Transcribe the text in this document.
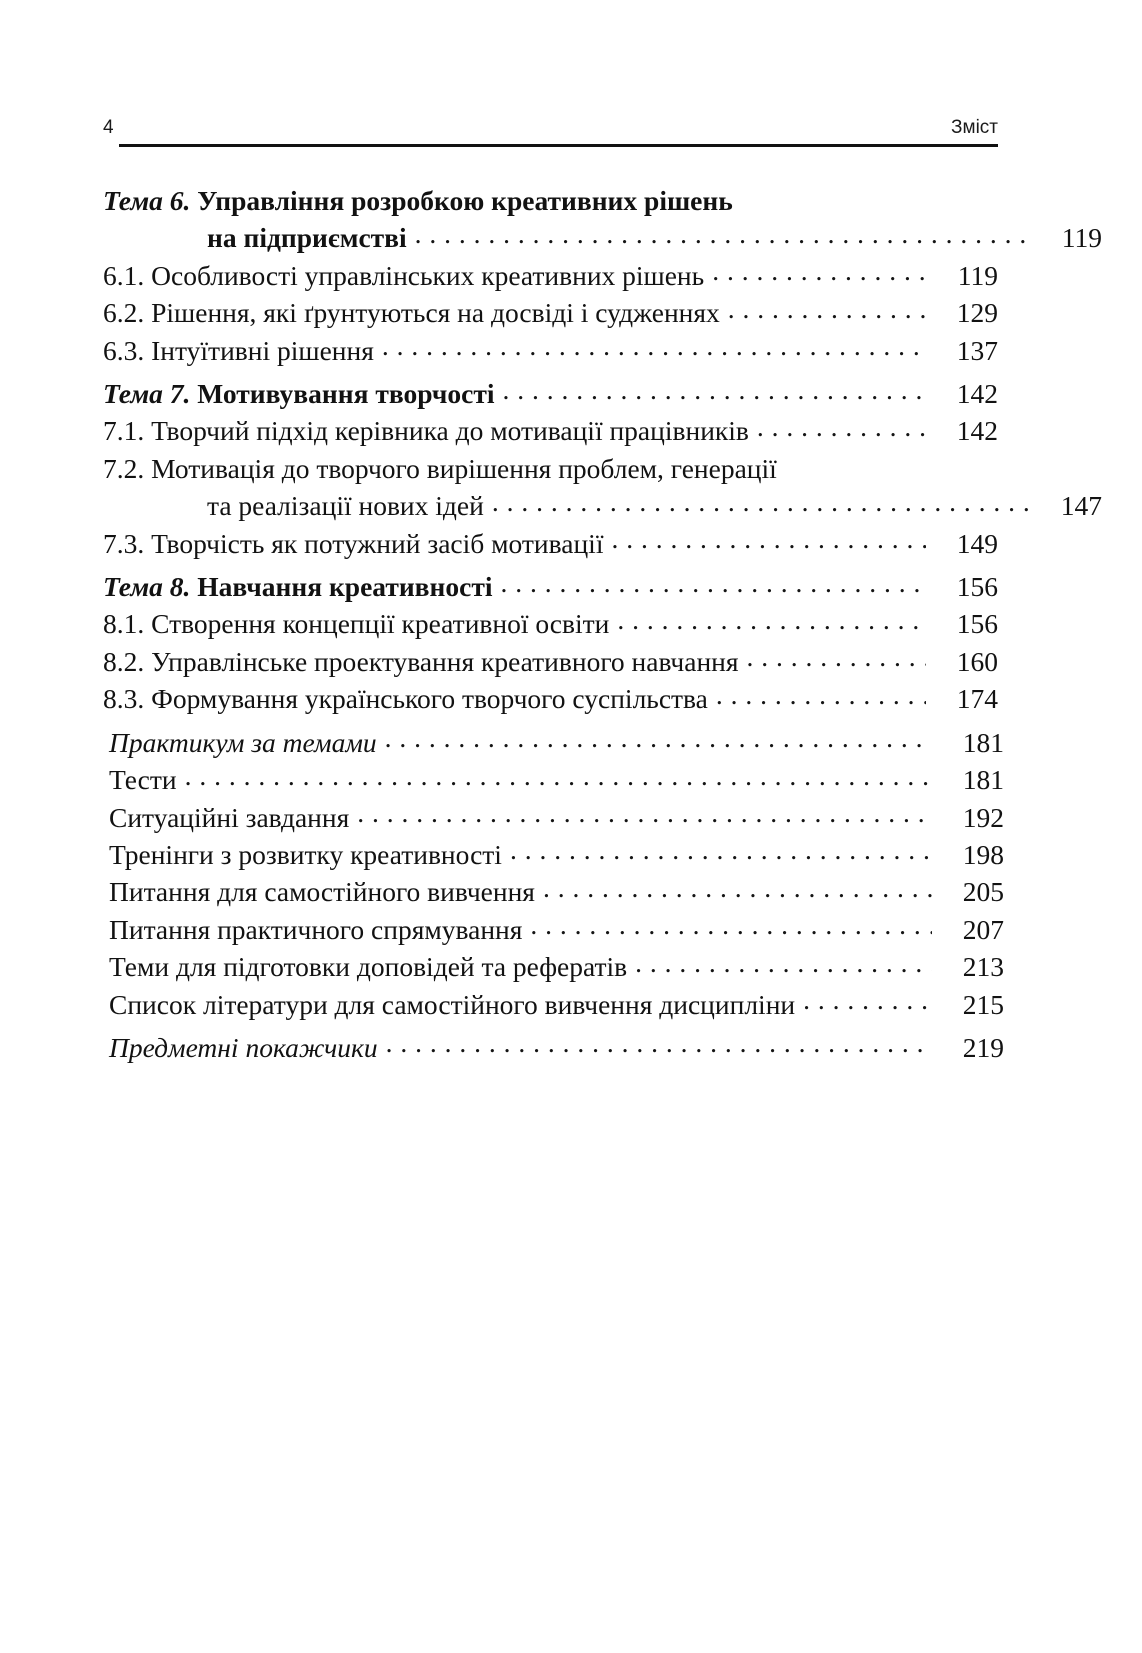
4	Зміст
Тема 6. Управління розробкою креативних рішень
на підприємстві . . .	119
6.1. Особливості управлінських креативних рішень . . .	119
6.2. Рішення, які ґрунтуються на досвіді і судженнях . . .	129
6.3. Інтуїтивні рішення . . .	137
Тема 7. Мотивування творчості . . .	142
7.1. Творчий підхід керівника до мотивації працівників . . .	142
7.2. Мотивація до творчого вирішення проблем, генерації
та реалізації нових ідей . . .	147
7.3. Творчість як потужний засіб мотивації . . .	149
Тема 8. Навчання креативності . . .	156
8.1. Створення концепції креативної освіти . . .	156
8.2. Управлінське проектування креативного навчання . . .	160
8.3. Формування українського творчого суспільства . . .	174
Практикум за темами . . .	181
Тести . . .	181
Ситуаційні завдання . . .	192
Тренінги з розвитку креативності . . .	198
Питання для самостійного вивчення . . .	205
Питання практичного спрямування . . .	207
Теми для підготовки доповідей та рефератів . . .	213
Список літератури для самостійного вивчення дисципліни . . .	215
Предметні покажчики . . .	219
